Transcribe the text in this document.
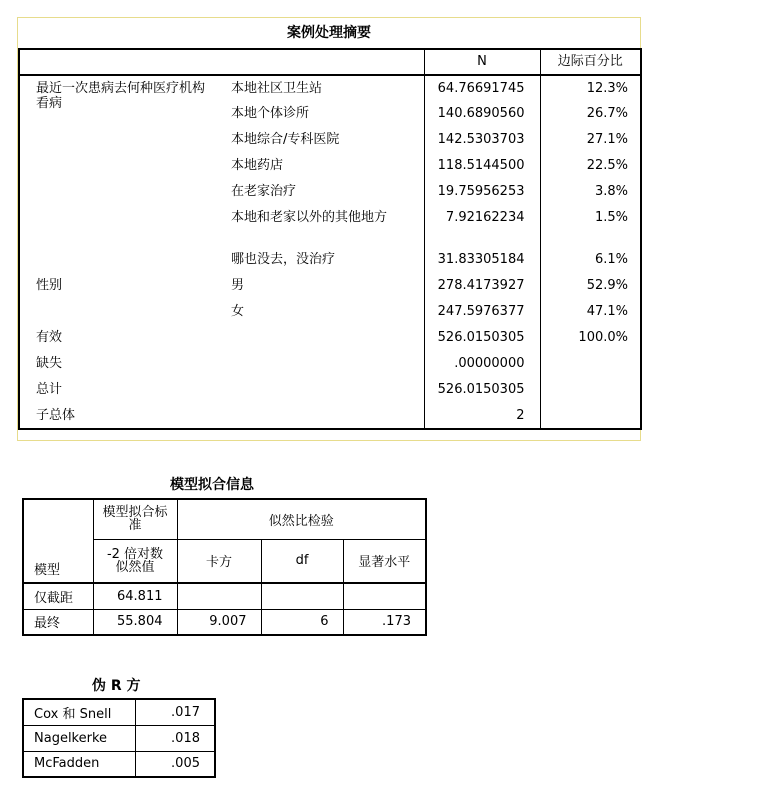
案例处理摘要
		N	边际百分比
最近一次患病去何种医疗机构看病	本地社区卫生站	64.76691745	12.3%
	本地个体诊所	140.6890560	26.7%
	本地综合/专科医院	142.5303703	27.1%
	本地药店	118.5144500	22.5%
	在老家治疗	19.75956253	3.8%
	本地和老家以外的其他地方	7.92162234	1.5%
	哪也没去，没治疗	31.83305184	6.1%
性别	男	278.4173927	52.9%
	女	247.5976377	47.1%
有效		526.0150305	100.0%
缺失		.00000000	
总计		526.0150305	
子总体		2	
模型拟合信息
模型	模型拟合标准	似然比检验		
	-2 倍对数似然值	卡方	df	显著水平
仅截距	64.811			
最终	55.804	9.007	6	.173
伪 R 方
Cox 和 Snell	.017
Nagelkerke	.018
McFadden	.005
